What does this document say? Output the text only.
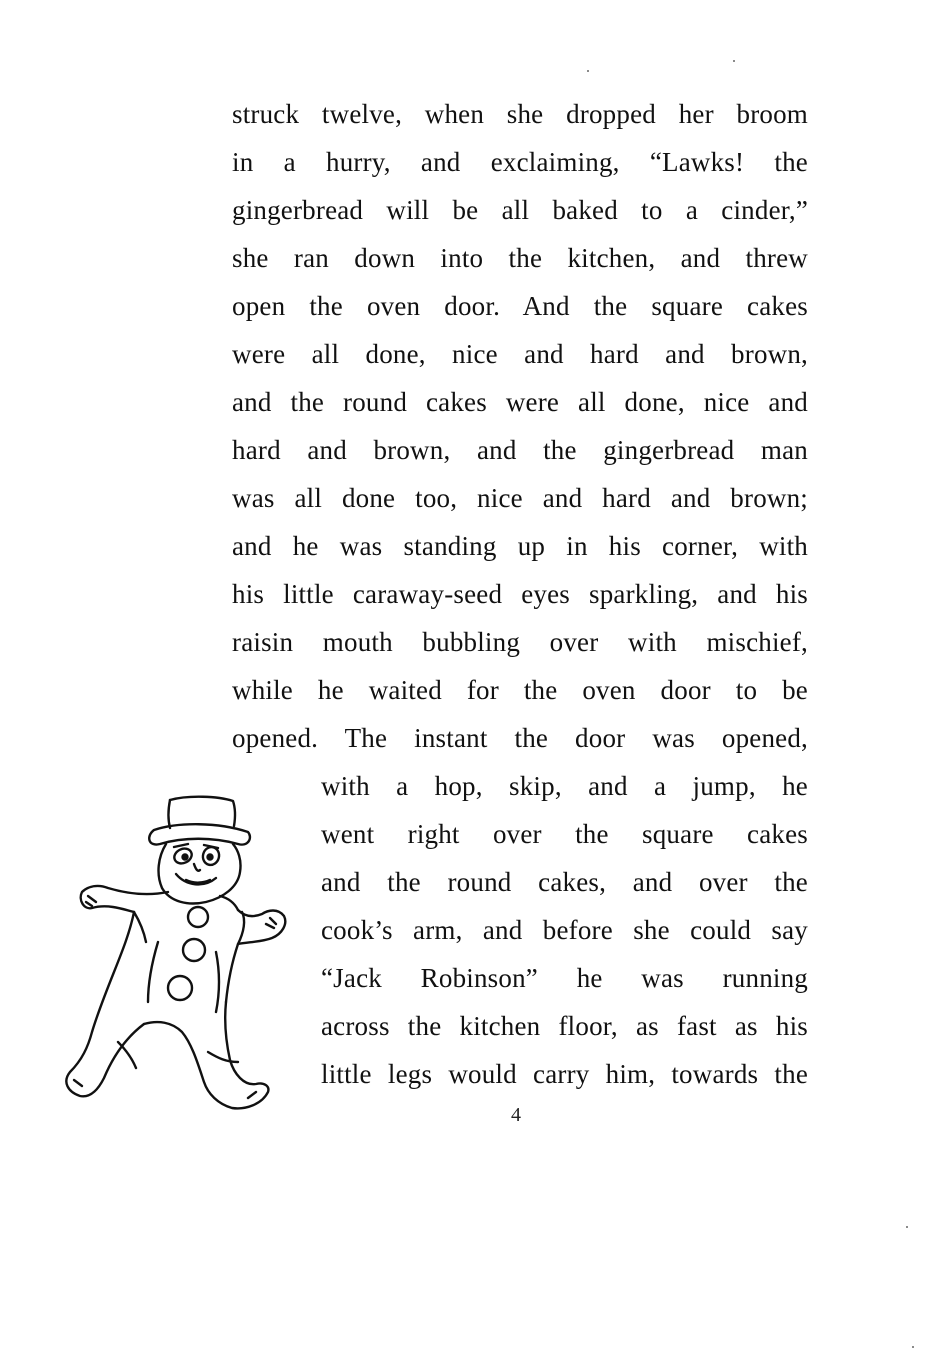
struck twelve, when she dropped her broom
in a hurry, and exclaiming, “Lawks! the
gingerbread will be all baked to a cinder,”
she ran down into the kitchen, and threw
open the oven door. And the square cakes
were all done, nice and hard and brown,
and the round cakes were all done, nice and
hard and brown, and the gingerbread man
was all done too, nice and hard and brown;
and he was standing up in his corner, with
his little caraway-seed eyes sparkling, and his
raisin mouth bubbling over with mischief,
while he waited for the oven door to be
opened. The instant the door was opened,
with a hop, skip, and a jump, he
went right over the square cakes
and the round cakes, and over the
cook’s arm, and before she could say
“Jack Robinson” he was running
across the kitchen floor, as fast as his
little legs would carry him, towards the
4
